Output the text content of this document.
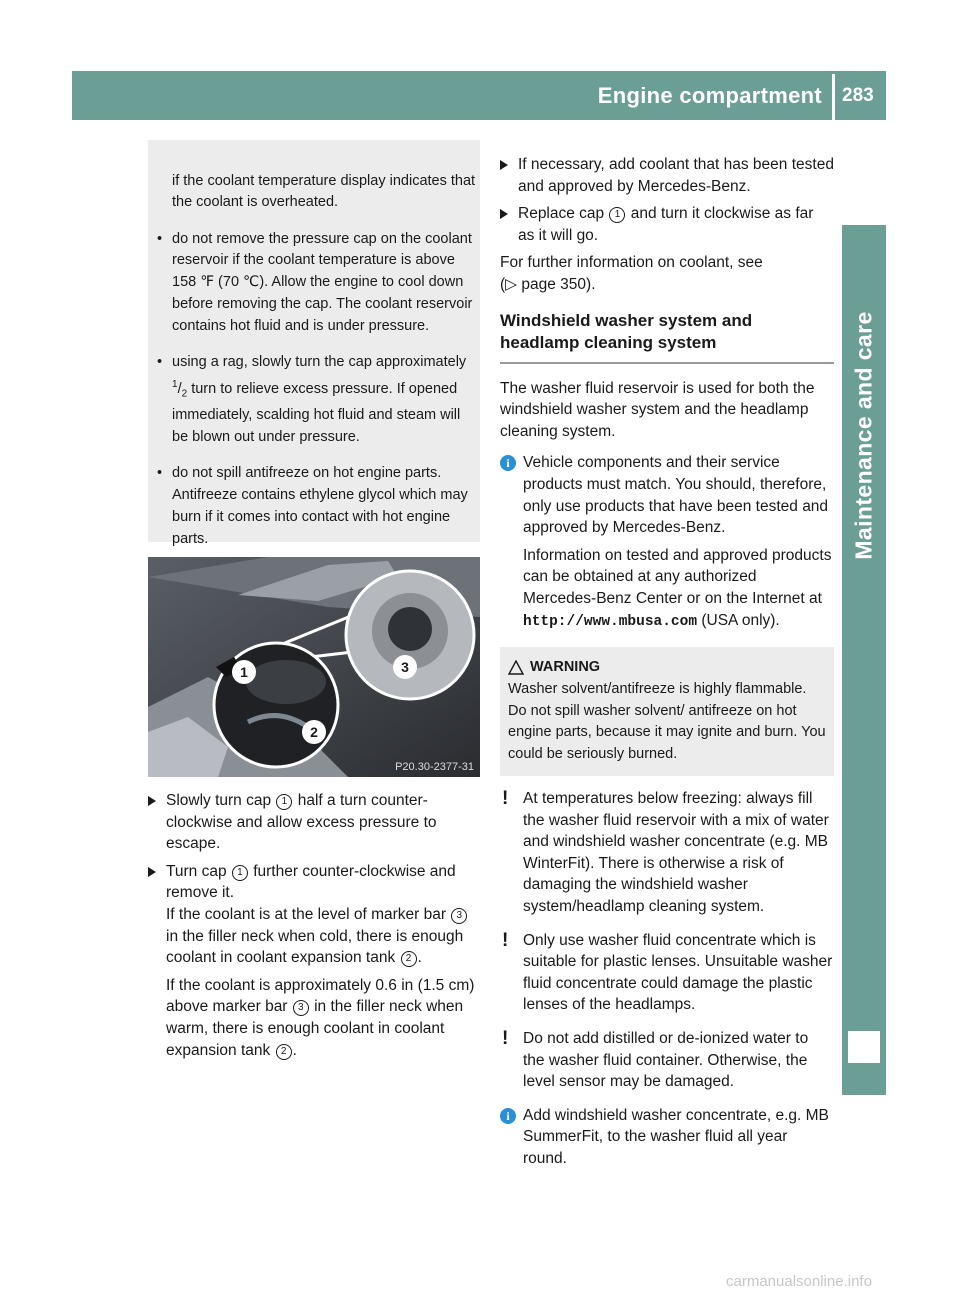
Engine compartment 283
Maintenance and care

if the coolant temperature display indicates that the coolant is overheated.

• do not remove the pressure cap on the coolant reservoir if the coolant temperature is above 158 ℉ (70 ℃). Allow the engine to cool down before removing the cap. The coolant reservoir contains hot fluid and is under pressure.

• using a rag, slowly turn the cap approximately $^1/_2$ turn to relieve excess pressure. If opened immediately, scalding hot fluid and steam will be blown out under pressure.

• do not spill antifreeze on hot engine parts. Antifreeze contains ethylene glycol which may burn if it comes into contact with hot engine parts.

1
2
3
P20.30-2377-31

Slowly turn cap 1 half a turn counter-clockwise and allow excess pressure to escape.

Turn cap 1 further counter-clockwise and remove it.
If the coolant is at the level of marker bar 3 in the filler neck when cold, there is enough coolant in coolant expansion tank 2 .

If the coolant is approximately 0.6 in (1.5 cm) above marker bar 3 in the filler neck when warm, there is enough coolant in coolant expansion tank 2 .

If necessary, add coolant that has been tested and approved by Mercedes-Benz.

Replace cap 1 and turn it clockwise as far as it will go.

For further information on coolant, see
(▷ page 350).

Windshield washer system and headlamp cleaning system

The washer fluid reservoir is used for both the windshield washer system and the headlamp cleaning system.

i Vehicle components and their service products must match. You should, therefore, only use products that have been tested and approved by Mercedes-Benz.

Information on tested and approved products can be obtained at any authorized Mercedes-Benz Center or on the Internet at http://www.mbusa.com (USA only).

WARNING

Washer solvent/antifreeze is highly flammable. Do not spill washer solvent/ antifreeze on hot engine parts, because it may ignite and burn. You could be seriously burned.

! At temperatures below freezing: always fill the washer fluid reservoir with a mix of water and windshield washer concentrate (e.g. MB WinterFit). There is otherwise a risk of damaging the windshield washer system/headlamp cleaning system.

! Only use washer fluid concentrate which is suitable for plastic lenses. Unsuitable washer fluid concentrate could damage the plastic lenses of the headlamps.

! Do not add distilled or de-ionized water to the washer fluid container. Otherwise, the level sensor may be damaged.

i Add windshield washer concentrate, e.g. MB SummerFit, to the washer fluid all year round.

carmanualsonline.info
